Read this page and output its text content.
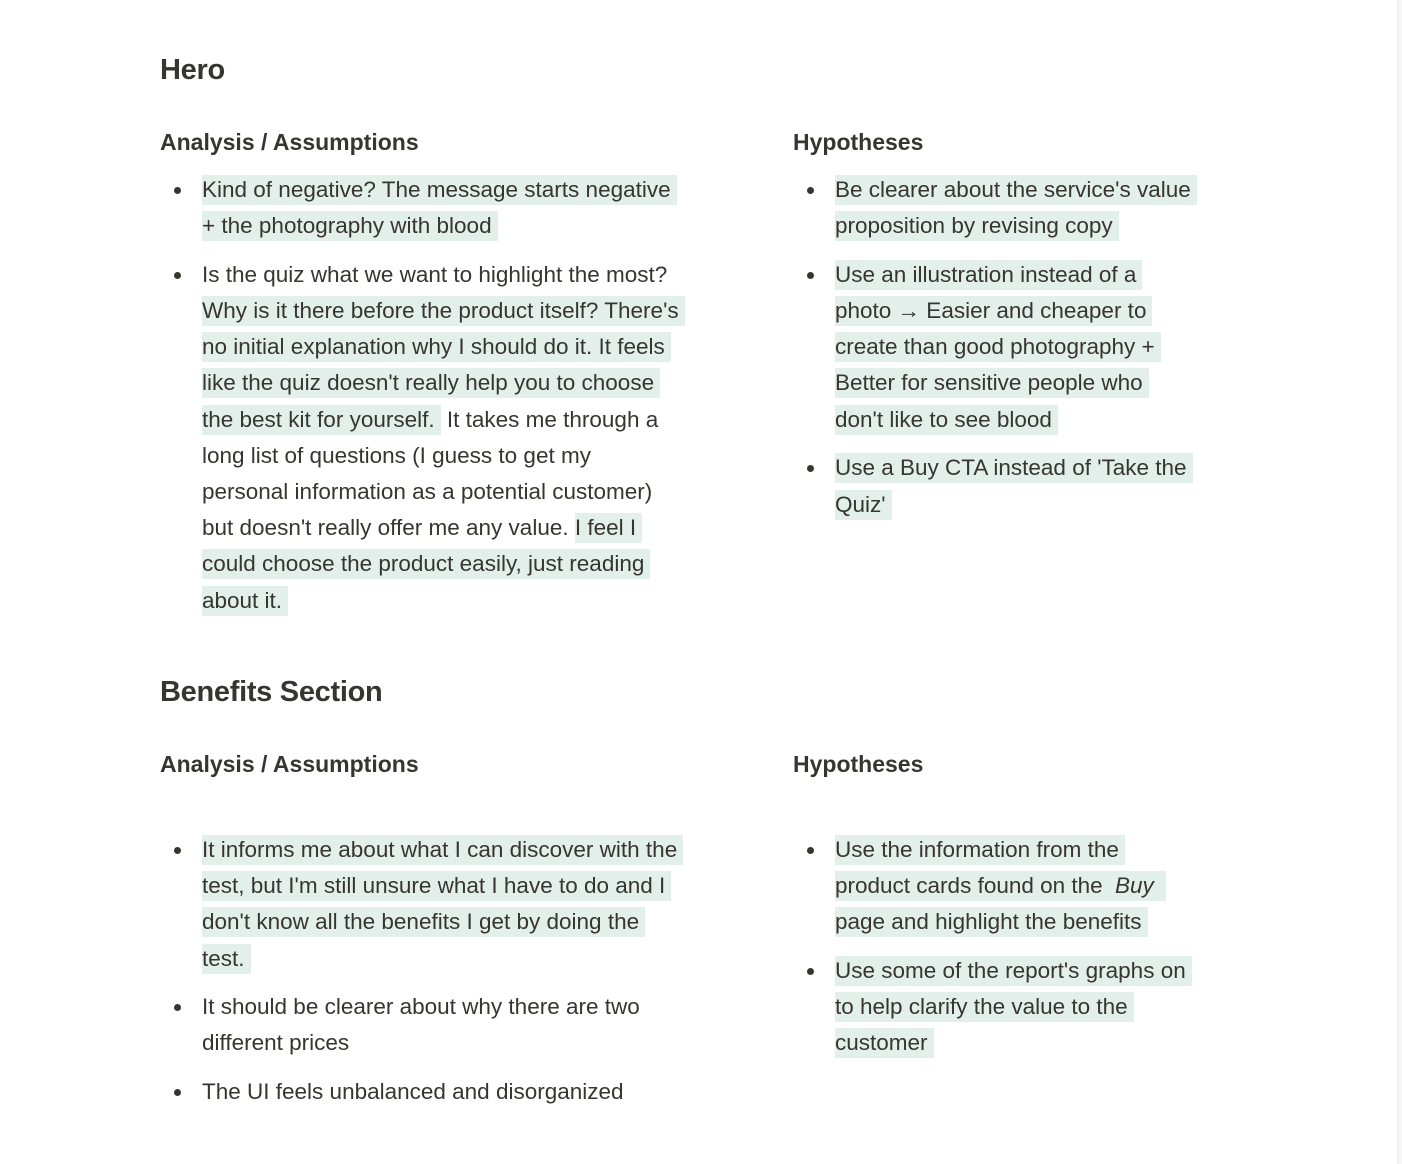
Hero
Analysis / Assumptions
Kind of negative? The message starts negative + the photography with blood
Is the quiz what we want to highlight the most? Why is it there before the product itself? There's no initial explanation why I should do it. It feels like the quiz doesn't really help you to choose the best kit for yourself. It takes me through a long list of questions (I guess to get my personal information as a potential customer) but doesn't really offer me any value. I feel I could choose the product easily, just reading about it.
Hypotheses
Be clearer about the service's value proposition by revising copy
Use an illustration instead of a photo → Easier and cheaper to create than good photography + Better for sensitive people who don't like to see blood
Use a Buy CTA instead of 'Take the Quiz'
Benefits Section
Analysis / Assumptions
It informs me about what I can discover with the test, but I'm still unsure what I have to do and I don't know all the benefits I get by doing the test.
It should be clearer about why there are two different prices
The UI feels unbalanced and disorganized
Hypotheses
Use the information from the product cards found on the Buy page and highlight the benefits
Use some of the report's graphs on to help clarify the value to the customer
